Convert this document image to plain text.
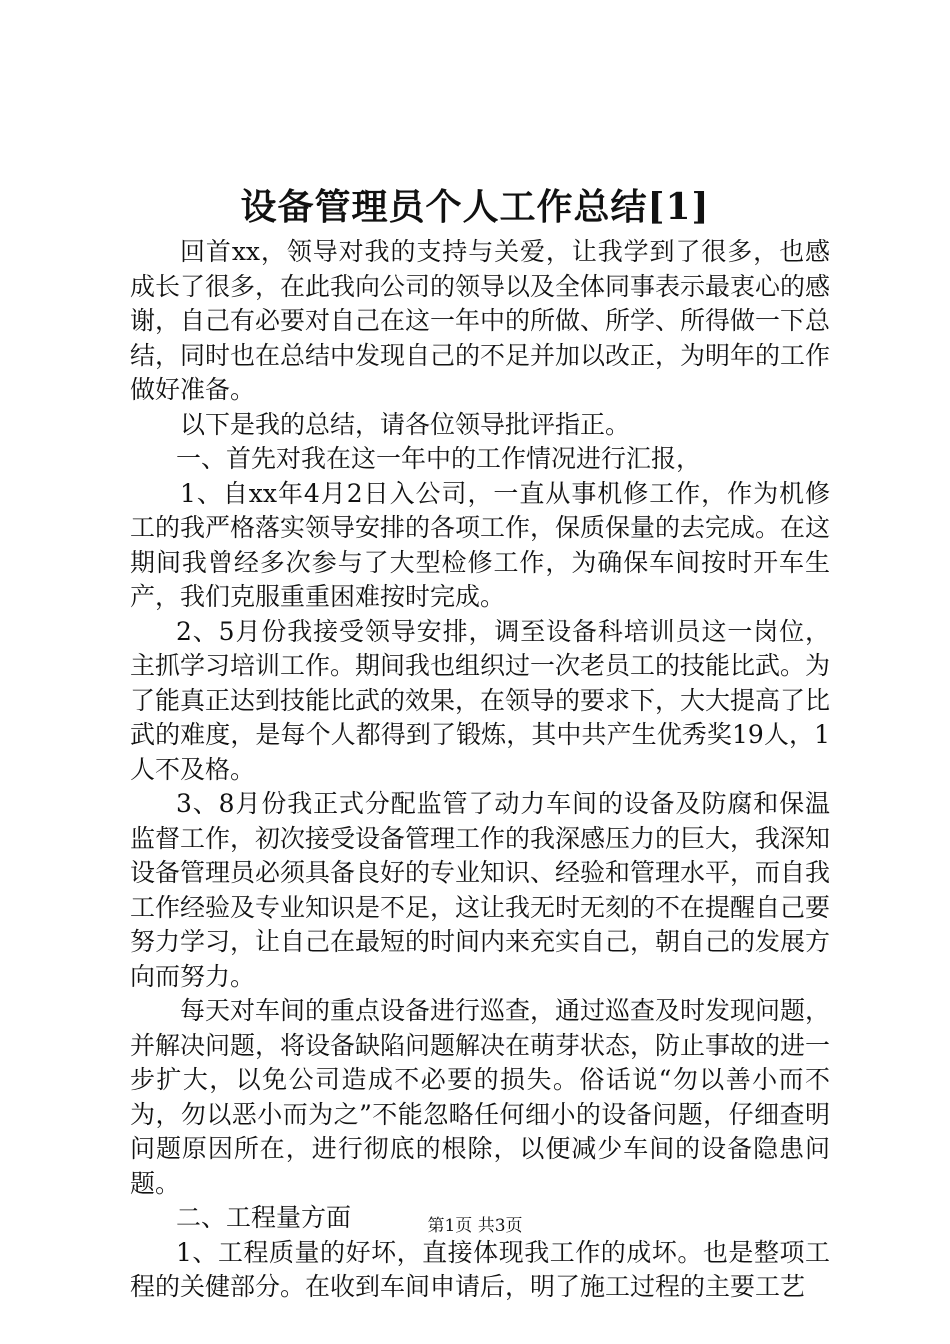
设备管理员个人工作总结[1]

回首xx，领导对我的支持与关爱，让我学到了很多，也感成长了很多，在此我向公司的领导以及全体同事表示最衷心的感谢，自己有必要对自己在这一年中的所做、所学、所得做一下总结，同时也在总结中发现自己的不足并加以改正，为明年的工作做好准备。

以下是我的总结，请各位领导批评指正。

一、首先对我在这一年中的工作情况进行汇报，

1、自xx年4月2日入公司，一直从事机修工作，作为机修工的我严格落实领导安排的各项工作，保质保量的去完成。在这期间我曾经多次参与了大型检修工作，为确保车间按时开车生产，我们克服重重困难按时完成。

2、5月份我接受领导安排，调至设备科培训员这一岗位，主抓学习培训工作。期间我也组织过一次老员工的技能比武。为了能真正达到技能比武的效果，在领导的要求下，大大提高了比武的难度，是每个人都得到了锻炼，其中共产生优秀奖19人，1人不及格。

3、8月份我正式分配监管了动力车间的设备及防腐和保温监督工作，初次接受设备管理工作的我深感压力的巨大，我深知设备管理员必须具备良好的专业知识、经验和管理水平，而自我工作经验及专业知识是不足，这让我无时无刻的不在提醒自己要努力学习，让自己在最短的时间内来充实自己，朝自己的发展方向而努力。

每天对车间的重点设备进行巡查，通过巡查及时发现问题，并解决问题，将设备缺陷问题解决在萌芽状态，防止事故的进一步扩大，以免公司造成不必要的损失。俗话说“勿以善小而不为，勿以恶小而为之”不能忽略任何细小的设备问题，仔细查明问题原因所在，进行彻底的根除，以便减少车间的设备隐患问题。

二、工程量方面

1、工程质量的好坏，直接体现我工作的成坏。也是整项工程的关健部分。在收到车间申请后，明了施工过程的主要工艺

第1页 共3页
